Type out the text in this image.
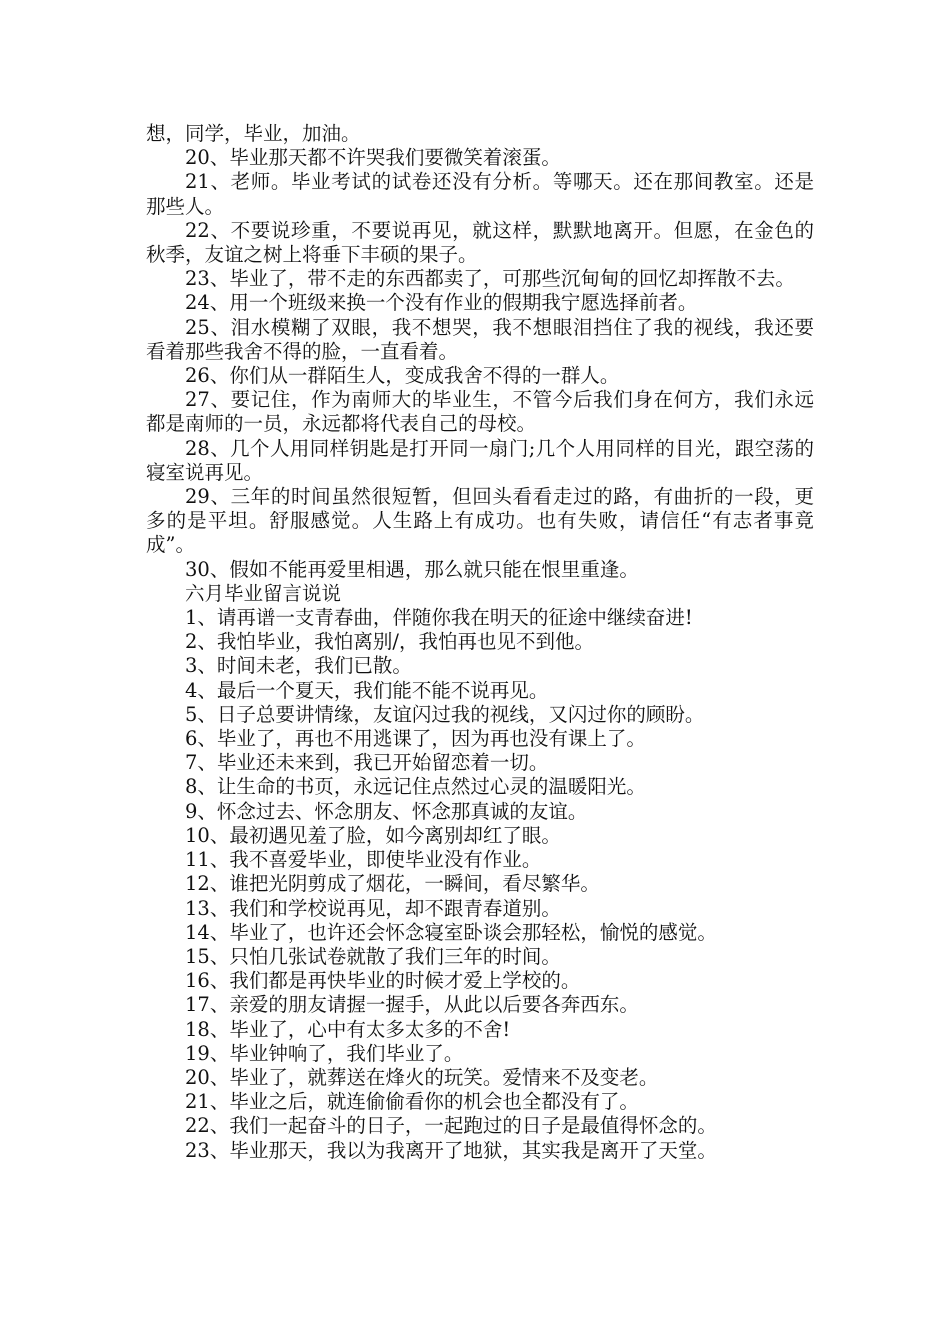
想，同学，毕业，加油。

20、毕业那天都不许哭我们要微笑着滚蛋。

21、老师。毕业考试的试卷还没有分析。等哪天。还在那间教室。还是那些人。

22、不要说珍重，不要说再见，就这样，默默地离开。但愿，在金色的秋季，友谊之树上将垂下丰硕的果子。

23、毕业了，带不走的东西都卖了，可那些沉甸甸的回忆却挥散不去。

24、用一个班级来换一个没有作业的假期我宁愿选择前者。

25、泪水模糊了双眼，我不想哭，我不想眼泪挡住了我的视线，我还要看着那些我舍不得的脸，一直看着。

26、你们从一群陌生人，变成我舍不得的一群人。

27、要记住，作为南师大的毕业生，不管今后我们身在何方，我们永远都是南师的一员，永远都将代表自己的母校。

28、几个人用同样钥匙是打开同一扇门;几个人用同样的目光，跟空荡的寝室说再见。

29、三年的时间虽然很短暂，但回头看看走过的路，有曲折的一段，更多的是平坦。舒服感觉。人生路上有成功。也有失败，请信任“有志者事竟成”。

30、假如不能再爱里相遇，那么就只能在恨里重逢。

六月毕业留言说说

1、请再谱一支青春曲，伴随你我在明天的征途中继续奋进!

2、我怕毕业，我怕离别/，我怕再也见不到他。

3、时间未老，我们已散。

4、最后一个夏天，我们能不能不说再见。

5、日子总要讲情缘，友谊闪过我的视线，又闪过你的顾盼。

6、毕业了，再也不用逃课了，因为再也没有课上了。

7、毕业还未来到，我已开始留恋着一切。

8、让生命的书页，永远记住点然过心灵的温暖阳光。

9、怀念过去、怀念朋友、怀念那真诚的友谊。

10、最初遇见羞了脸，如今离别却红了眼。

11、我不喜爱毕业，即使毕业没有作业。

12、谁把光阴剪成了烟花，一瞬间，看尽繁华。

13、我们和学校说再见，却不跟青春道别。

14、毕业了，也许还会怀念寝室卧谈会那轻松，愉悦的感觉。

15、只怕几张试卷就散了我们三年的时间。

16、我们都是再快毕业的时候才爱上学校的。

17、亲爱的朋友请握一握手，从此以后要各奔西东。

18、毕业了，心中有太多太多的不舍!

19、毕业钟响了，我们毕业了。

20、毕业了，就葬送在烽火的玩笑。爱情来不及变老。

21、毕业之后，就连偷偷看你的机会也全都没有了。

22、我们一起奋斗的日子，一起跑过的日子是最值得怀念的。

23、毕业那天，我以为我离开了地狱，其实我是离开了天堂。
